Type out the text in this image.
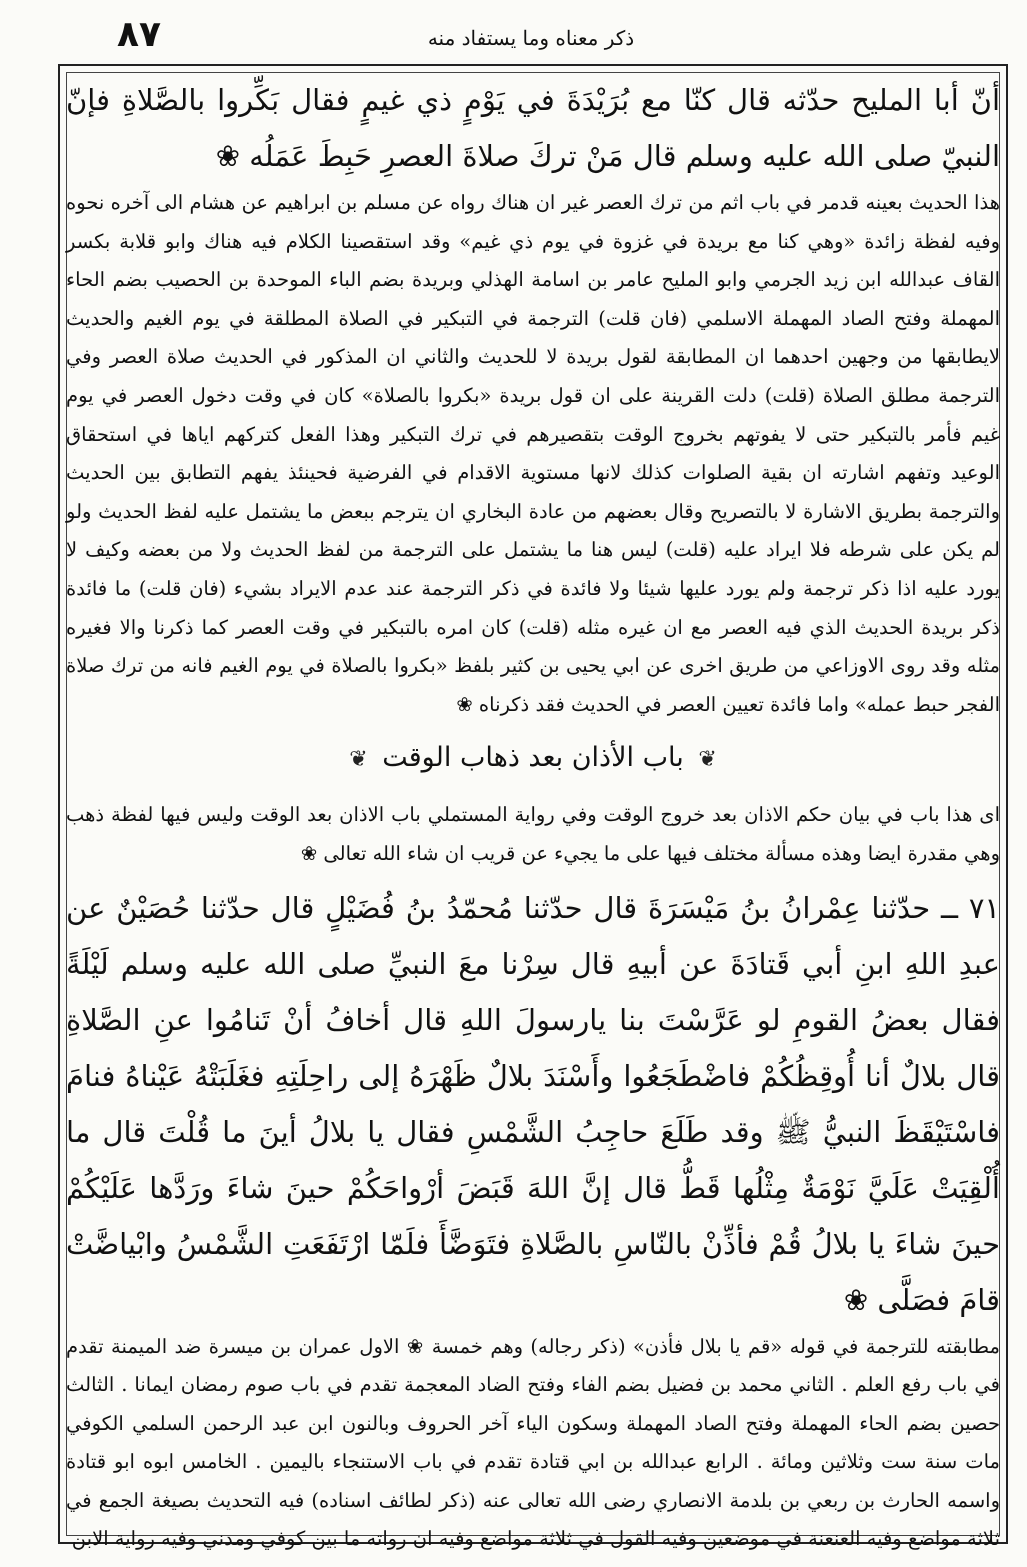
۸۷	ذكر معناه وما يستفاد منه

أنّ أبا المليح حدّثه قال كنّا مع بُرَيْدَةَ في يَوْمٍ ذي غيمٍ فقال بَكِّروا بالصَّلاةِ فإنّ النبيّ صلى الله عليه وسلم قال مَنْ تركَ صلاةَ العصرِ حَبِطَ عَمَلُه ❀

هذا الحديث بعينه قدمر في باب اثم من ترك العصر غير ان هناك رواه عن مسلم بن ابراهيم عن هشام الى آخره نحوه وفيه لفظة زائدة «وهي كنا مع بريدة في غزوة في يوم ذي غيم» وقد استقصينا الكلام فيه هناك وابو قلابة بكسر القاف عبدالله ابن زيد الجرمي وابو المليح عامر بن اسامة الهذلي وبريدة بضم الباء الموحدة بن الحصيب بضم الحاء المهملة وفتح الصاد المهملة الاسلمي (فان قلت) الترجمة في التبكير في الصلاة المطلقة في يوم الغيم والحديث لايطابقها من وجهين احدهما ان المطابقة لقول بريدة لا للحديث والثاني ان المذكور في الحديث صلاة العصر وفي الترجمة مطلق الصلاة (قلت) دلت القرينة على ان قول بريدة «بكروا بالصلاة» كان في وقت دخول العصر في يوم غيم فأمر بالتبكير حتى لا يفوتهم بخروج الوقت بتقصيرهم في ترك التبكير وهذا الفعل كتركهم اياها في استحقاق الوعيد وتفهم اشارته ان بقية الصلوات كذلك لانها مستوية الاقدام في الفرضية فحينئذ يفهم التطابق بين الحديث والترجمة بطريق الاشارة لا بالتصريح وقال بعضهم من عادة البخاري ان يترجم ببعض ما يشتمل عليه لفظ الحديث ولو لم يكن على شرطه فلا ايراد عليه (قلت) ليس هنا ما يشتمل على الترجمة من لفظ الحديث ولا من بعضه وكيف لا يورد عليه اذا ذكر ترجمة ولم يورد عليها شيئا ولا فائدة في ذكر الترجمة عند عدم الايراد بشيء (فان قلت) ما فائدة ذكر بريدة الحديث الذي فيه العصر مع ان غيره مثله (قلت) كان امره بالتبكير في وقت العصر كما ذكرنا والا فغيره مثله وقد روى الاوزاعي من طريق اخرى عن ابي يحيى بن كثير بلفظ «بكروا بالصلاة في يوم الغيم فانه من ترك صلاة الفجر حبط عمله» واما فائدة تعيين العصر في الحديث فقد ذكرناه ❀

❦ باب الأذان بعد ذهاب الوقت ❦

اى هذا باب في بيان حكم الاذان بعد خروج الوقت وفي رواية المستملي باب الاذان بعد الوقت وليس فيها لفظة ذهب وهي مقدرة ايضا وهذه مسألة مختلف فيها على ما يجيء عن قريب ان شاء الله تعالى ❀

٧١ ــ حدّثنا عِمْرانُ بنُ مَيْسَرَةَ قال حدّثنا مُحمّدُ بنُ فُضَيْلٍ قال حدّثنا حُصَيْنٌ عن عبدِ اللهِ ابنِ أبي قَتادَةَ عن أبيهِ قال سِرْنا معَ النبيِّ صلى الله عليه وسلم لَيْلَةً فقال بعضُ القومِ لو عَرَّسْتَ بنا يارسولَ اللهِ قال أخافُ أنْ تَنامُوا عنِ الصَّلاةِ قال بلالٌ أنا أُوقِظُكُمْ فاضْطَجَعُوا وأَسْنَدَ بلالٌ ظَهْرَهُ إلى راحِلَتِهِ فغَلَبَتْهُ عَيْناهُ فنامَ فاسْتَيْقَظَ النبيُّ ﷺ وقد طَلَعَ حاجِبُ الشَّمْسِ فقال يا بلالُ أينَ ما قُلْتَ قال ما أُلْقِيَتْ عَلَيَّ نَوْمَةٌ مِثْلُها قَطُّ قال إنَّ اللهَ قَبَضَ أرْواحَكُمْ حينَ شاءَ ورَدَّها عَلَيْكُمْ حينَ شاءَ يا بلالُ قُمْ فأذِّنْ بالنّاسِ بالصَّلاةِ فتَوَضَّأَ فلَمّا ارْتَفَعَتِ الشَّمْسُ وابْياضَّتْ قامَ فصَلَّى ❀

مطابقته للترجمة في قوله «قم يا بلال فأذن» (ذكر رجاله) وهم خمسة ❀ الاول عمران بن ميسرة ضد الميمنة تقدم في باب رفع العلم . الثاني محمد بن فضيل بضم الفاء وفتح الضاد المعجمة تقدم في باب صوم رمضان ايمانا . الثالث حصين بضم الحاء المهملة وفتح الصاد المهملة وسكون الياء آخر الحروف وبالنون ابن عبد الرحمن السلمي الكوفي مات سنة ست وثلاثين ومائة . الرابع عبدالله بن ابي قتادة تقدم في باب الاستنجاء باليمين . الخامس ابوه ابو قتادة واسمه الحارث بن ربعي بن بلدمة الانصاري رضى الله تعالى عنه (ذكر لطائف اسناده) فيه التحديث بصيغة الجمع في ثلاثة مواضع وفيه العنعنة في موضعين وفيه القول في ثلاثة مواضع وفيه ان رواته ما بين كوفي ومدني وفيه رواية الابن
